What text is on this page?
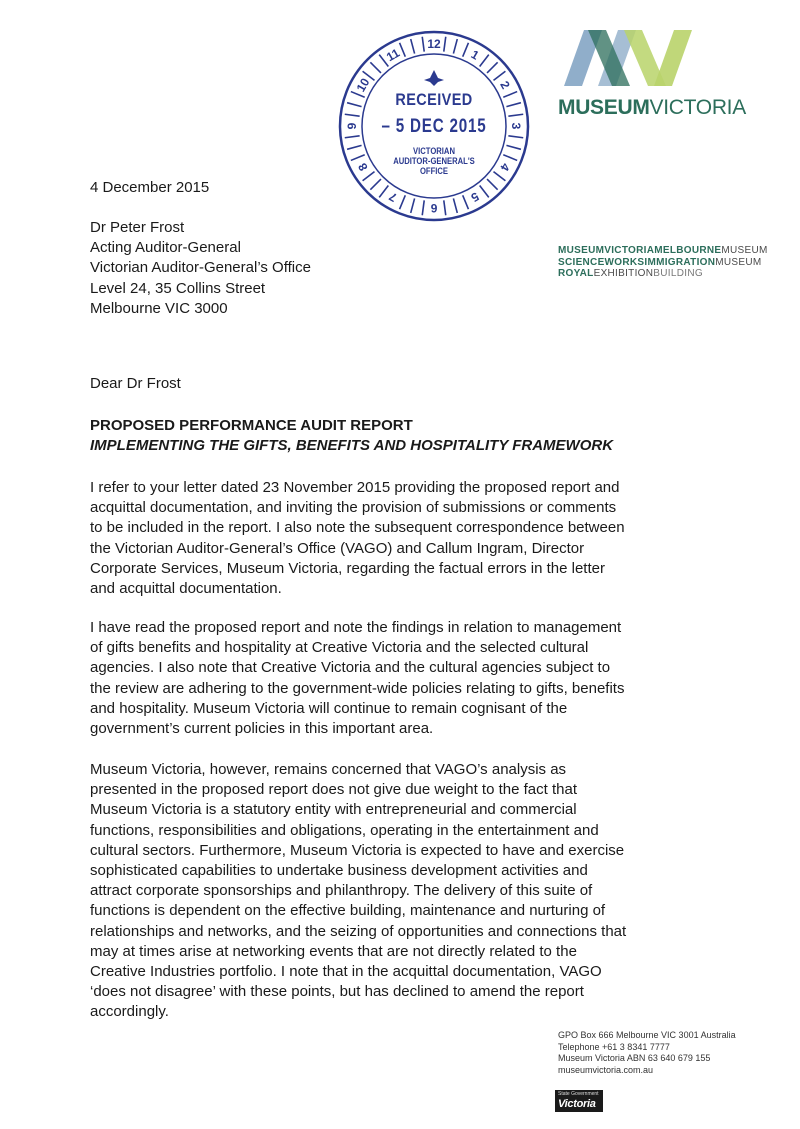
12
1
2
3
4
5
6
7
8
9
10
11
RECEIVED
– 5 DEC 2015
VICTORIAN
AUDITOR-GENERAL'S
OFFICE
MUSEUMVICTORIA
MUSEUMVICTORIAMELBOURNEMUSEUM
SCIENCEWORKSIMMIGRATIONMUSEUM
ROYALEXHIBITIONBUILDING
4 December 2015
Dr Peter Frost
Acting Auditor-General
Victorian Auditor-General’s Office
Level 24, 35 Collins Street
Melbourne VIC 3000
Dear Dr Frost
PROPOSED PERFORMANCE AUDIT REPORT
IMPLEMENTING THE GIFTS, BENEFITS AND HOSPITALITY FRAMEWORK
I refer to your letter dated 23 November 2015 providing the proposed report and
acquittal documentation, and inviting the provision of submissions or comments
to be included in the report. I also note the subsequent correspondence between
the Victorian Auditor-General’s Office (VAGO) and Callum Ingram, Director
Corporate Services, Museum Victoria, regarding the factual errors in the letter
and acquittal documentation.
I have read the proposed report and note the findings in relation to management
of gifts benefits and hospitality at Creative Victoria and the selected cultural
agencies. I also note that Creative Victoria and the cultural agencies subject to
the review are adhering to the government-wide policies relating to gifts, benefits
and hospitality. Museum Victoria will continue to remain cognisant of the
government’s current policies in this important area.
Museum Victoria, however, remains concerned that VAGO’s analysis as
presented in the proposed report does not give due weight to the fact that
Museum Victoria is a statutory entity with entrepreneurial and commercial
functions, responsibilities and obligations, operating in the entertainment and
cultural sectors. Furthermore, Museum Victoria is expected to have and exercise
sophisticated capabilities to undertake business development activities and
attract corporate sponsorships and philanthropy. The delivery of this suite of
functions is dependent on the effective building, maintenance and nurturing of
relationships and networks, and the seizing of opportunities and connections that
may at times arise at networking events that are not directly related to the
Creative Industries portfolio. I note that in the acquittal documentation, VAGO
‘does not disagree’ with these points, but has declined to amend the report
accordingly.
GPO Box 666 Melbourne VIC 3001 Australia
Telephone +61 3 8341 7777
Museum Victoria ABN 63 640 679 155
museumvictoria.com.au
State Government
Victoria
